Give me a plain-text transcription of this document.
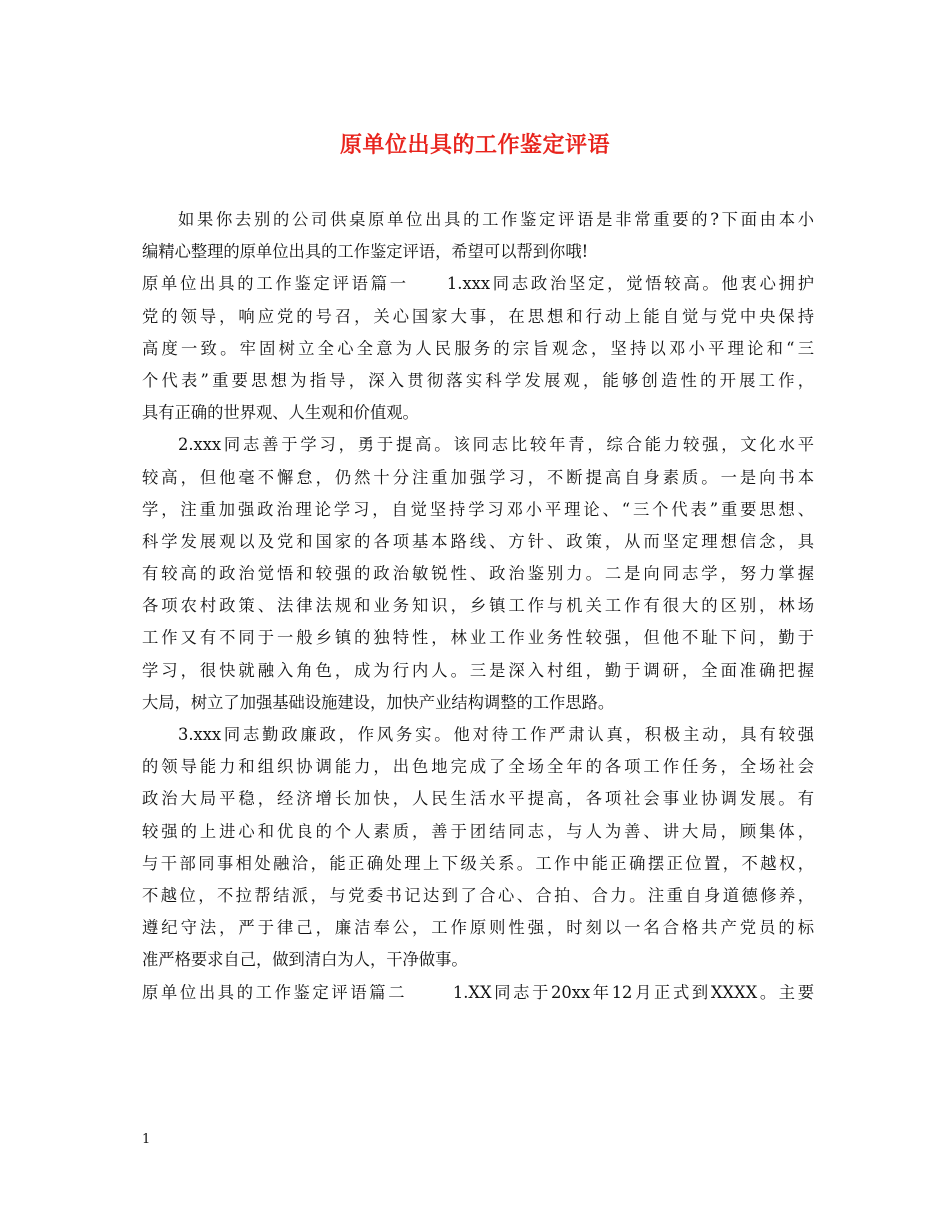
原单位出具的工作鉴定评语
如果你去别的公司供桌原单位出具的工作鉴定评语是非常重要的?下面由本小
编精心整理的原单位出具的工作鉴定评语，希望可以帮到你哦!
原单位出具的工作鉴定评语篇一　　1.xxx同志政治坚定，觉悟较高。他衷心拥护
党的领导，响应党的号召，关心国家大事，在思想和行动上能自觉与党中央保持
高度一致。牢固树立全心全意为人民服务的宗旨观念，坚持以邓小平理论和“三
个代表”重要思想为指导，深入贯彻落实科学发展观，能够创造性的开展工作，
具有正确的世界观、人生观和价值观。
2.xxx同志善于学习，勇于提高。该同志比较年青，综合能力较强，文化水平
较高，但他毫不懈怠，仍然十分注重加强学习，不断提高自身素质。一是向书本
学，注重加强政治理论学习，自觉坚持学习邓小平理论、“三个代表”重要思想、
科学发展观以及党和国家的各项基本路线、方针、政策，从而坚定理想信念，具
有较高的政治觉悟和较强的政治敏锐性、政治鉴别力。二是向同志学，努力掌握
各项农村政策、法律法规和业务知识，乡镇工作与机关工作有很大的区别，林场
工作又有不同于一般乡镇的独特性，林业工作业务性较强，但他不耻下问，勤于
学习，很快就融入角色，成为行内人。三是深入村组，勤于调研，全面准确把握
大局，树立了加强基础设施建设，加快产业结构调整的工作思路。
3.xxx同志勤政廉政，作风务实。他对待工作严肃认真，积极主动，具有较强
的领导能力和组织协调能力，出色地完成了全场全年的各项工作任务，全场社会
政治大局平稳，经济增长加快，人民生活水平提高，各项社会事业协调发展。有
较强的上进心和优良的个人素质，善于团结同志，与人为善、讲大局，顾集体，
与干部同事相处融洽，能正确处理上下级关系。工作中能正确摆正位置，不越权，
不越位，不拉帮结派，与党委书记达到了合心、合拍、合力。注重自身道德修养，
遵纪守法，严于律己，廉洁奉公，工作原则性强，时刻以一名合格共产党员的标
准严格要求自己，做到清白为人，干净做事。
原单位出具的工作鉴定评语篇二　　 1.XX同志于20xx年12月正式到XXXX。主要
1
